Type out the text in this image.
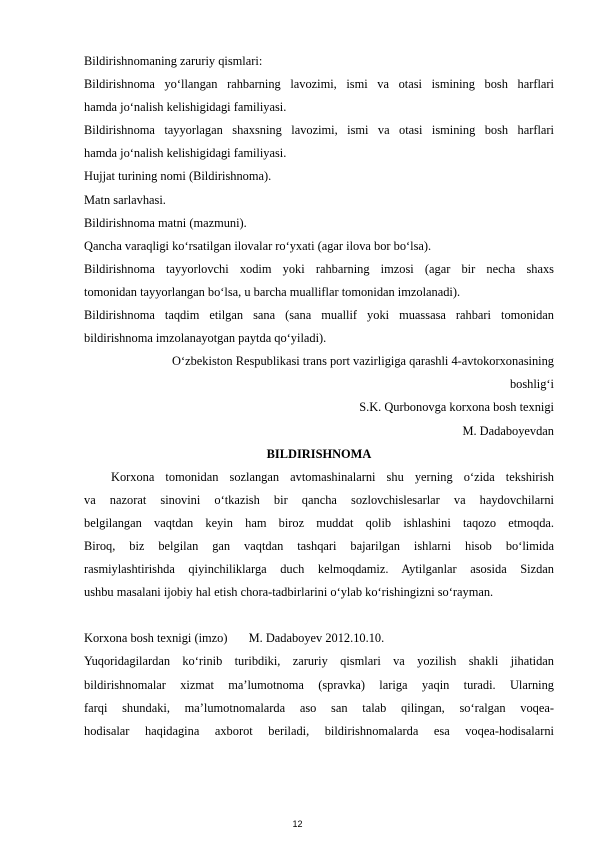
Bildirishnomaning zaruriy qismlari:
Bildirishnoma yo‘llangan rahbarning lavozimi, ismi va otasi ismining bosh harflari
hamda jo‘nalish kelishigidagi familiyasi.
Bildirishnoma tayyorlagan shaxsning lavozimi, ismi va otasi ismining bosh harflari
hamda jo‘nalish kelishigidagi familiyasi.
Hujjat turining nomi (Bildirishnoma).
Matn sarlavhasi.
Bildirishnoma matni (mazmuni).
Qancha varaqligi ko‘rsatilgan ilovalar ro‘yxati (agar ilova bor bo‘lsa).
Bildirishnoma tayyorlovchi xodim yoki rahbarning imzosi (agar bir necha shaxs
tomonidan tayyorlangan bo‘lsa, u barcha mualliflar tomonidan imzolanadi).
Bildirishnoma taqdim etilgan sana (sana muallif yoki muassasa rahbari tomonidan
bildirishnoma imzolanayotgan paytda qo‘yiladi).
O‘zbekiston Respublikasi trans port vazirligiga qarashli 4-avtokorxonasining
boshlig‘i
S.K. Qurbonovga korxona bosh texnigi
M. Dadaboyevdan
BILDIRISHNOMA
Korxona tomonidan sozlangan avtomashinalarni shu yerning o‘zida tekshirish
va nazorat sinovini o‘tkazish bir qancha sozlovchislesarlar va haydovchilarni
belgilangan vaqtdan keyin ham biroz muddat qolib ishlashini taqozo etmoqda.
Biroq, biz belgilan gan vaqtdan tashqari bajarilgan ishlarni hisob bo‘limida
rasmiylashtirishda qiyinchiliklarga duch kelmoqdamiz. Aytilganlar asosida Sizdan
ushbu masalani ijobiy hal etish chora-tadbirlarini o‘ylab ko‘rishingizni so‘rayman.
Korxona bosh texnigi (imzo) M. Dadaboyev 2012.10.10.
Yuqoridagilardan ko‘rinib turibdiki, zaruriy qismlari va yozilish shakli jihatidan
bildirishnomalar xizmat ma’lumotnoma (spravka) lariga yaqin turadi. Ularning
farqi shundaki, ma’lumotnomalarda aso san talab qilingan, so‘ralgan voqea-
hodisalar haqidagina axborot beriladi, bildirishnomalarda esa voqea-hodisalarni
12
